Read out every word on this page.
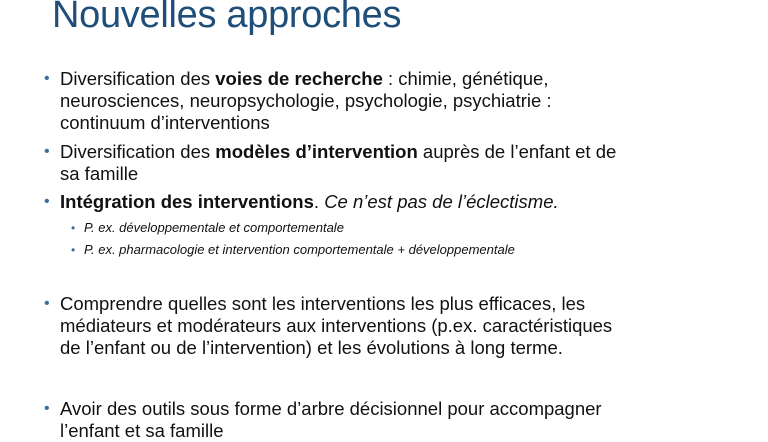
Nouvelles approches
• Diversification des voies de recherche : chimie, génétique,
neurosciences, neuropsychologie, psychologie, psychiatrie :
continuum d’interventions
• Diversification des modèles d’intervention auprès de l’enfant et de
sa famille
• Intégration des interventions. Ce n’est pas de l’éclectisme.
• P. ex. développementale et comportementale
• P. ex. pharmacologie et intervention comportementale + développementale
• Comprendre quelles sont les interventions les plus efficaces, les
médiateurs et modérateurs aux interventions (p.ex. caractéristiques
de l’enfant ou de l’intervention) et les évolutions à long terme.
• Avoir des outils sous forme d’arbre décisionnel pour accompagner
l’enfant et sa famille
